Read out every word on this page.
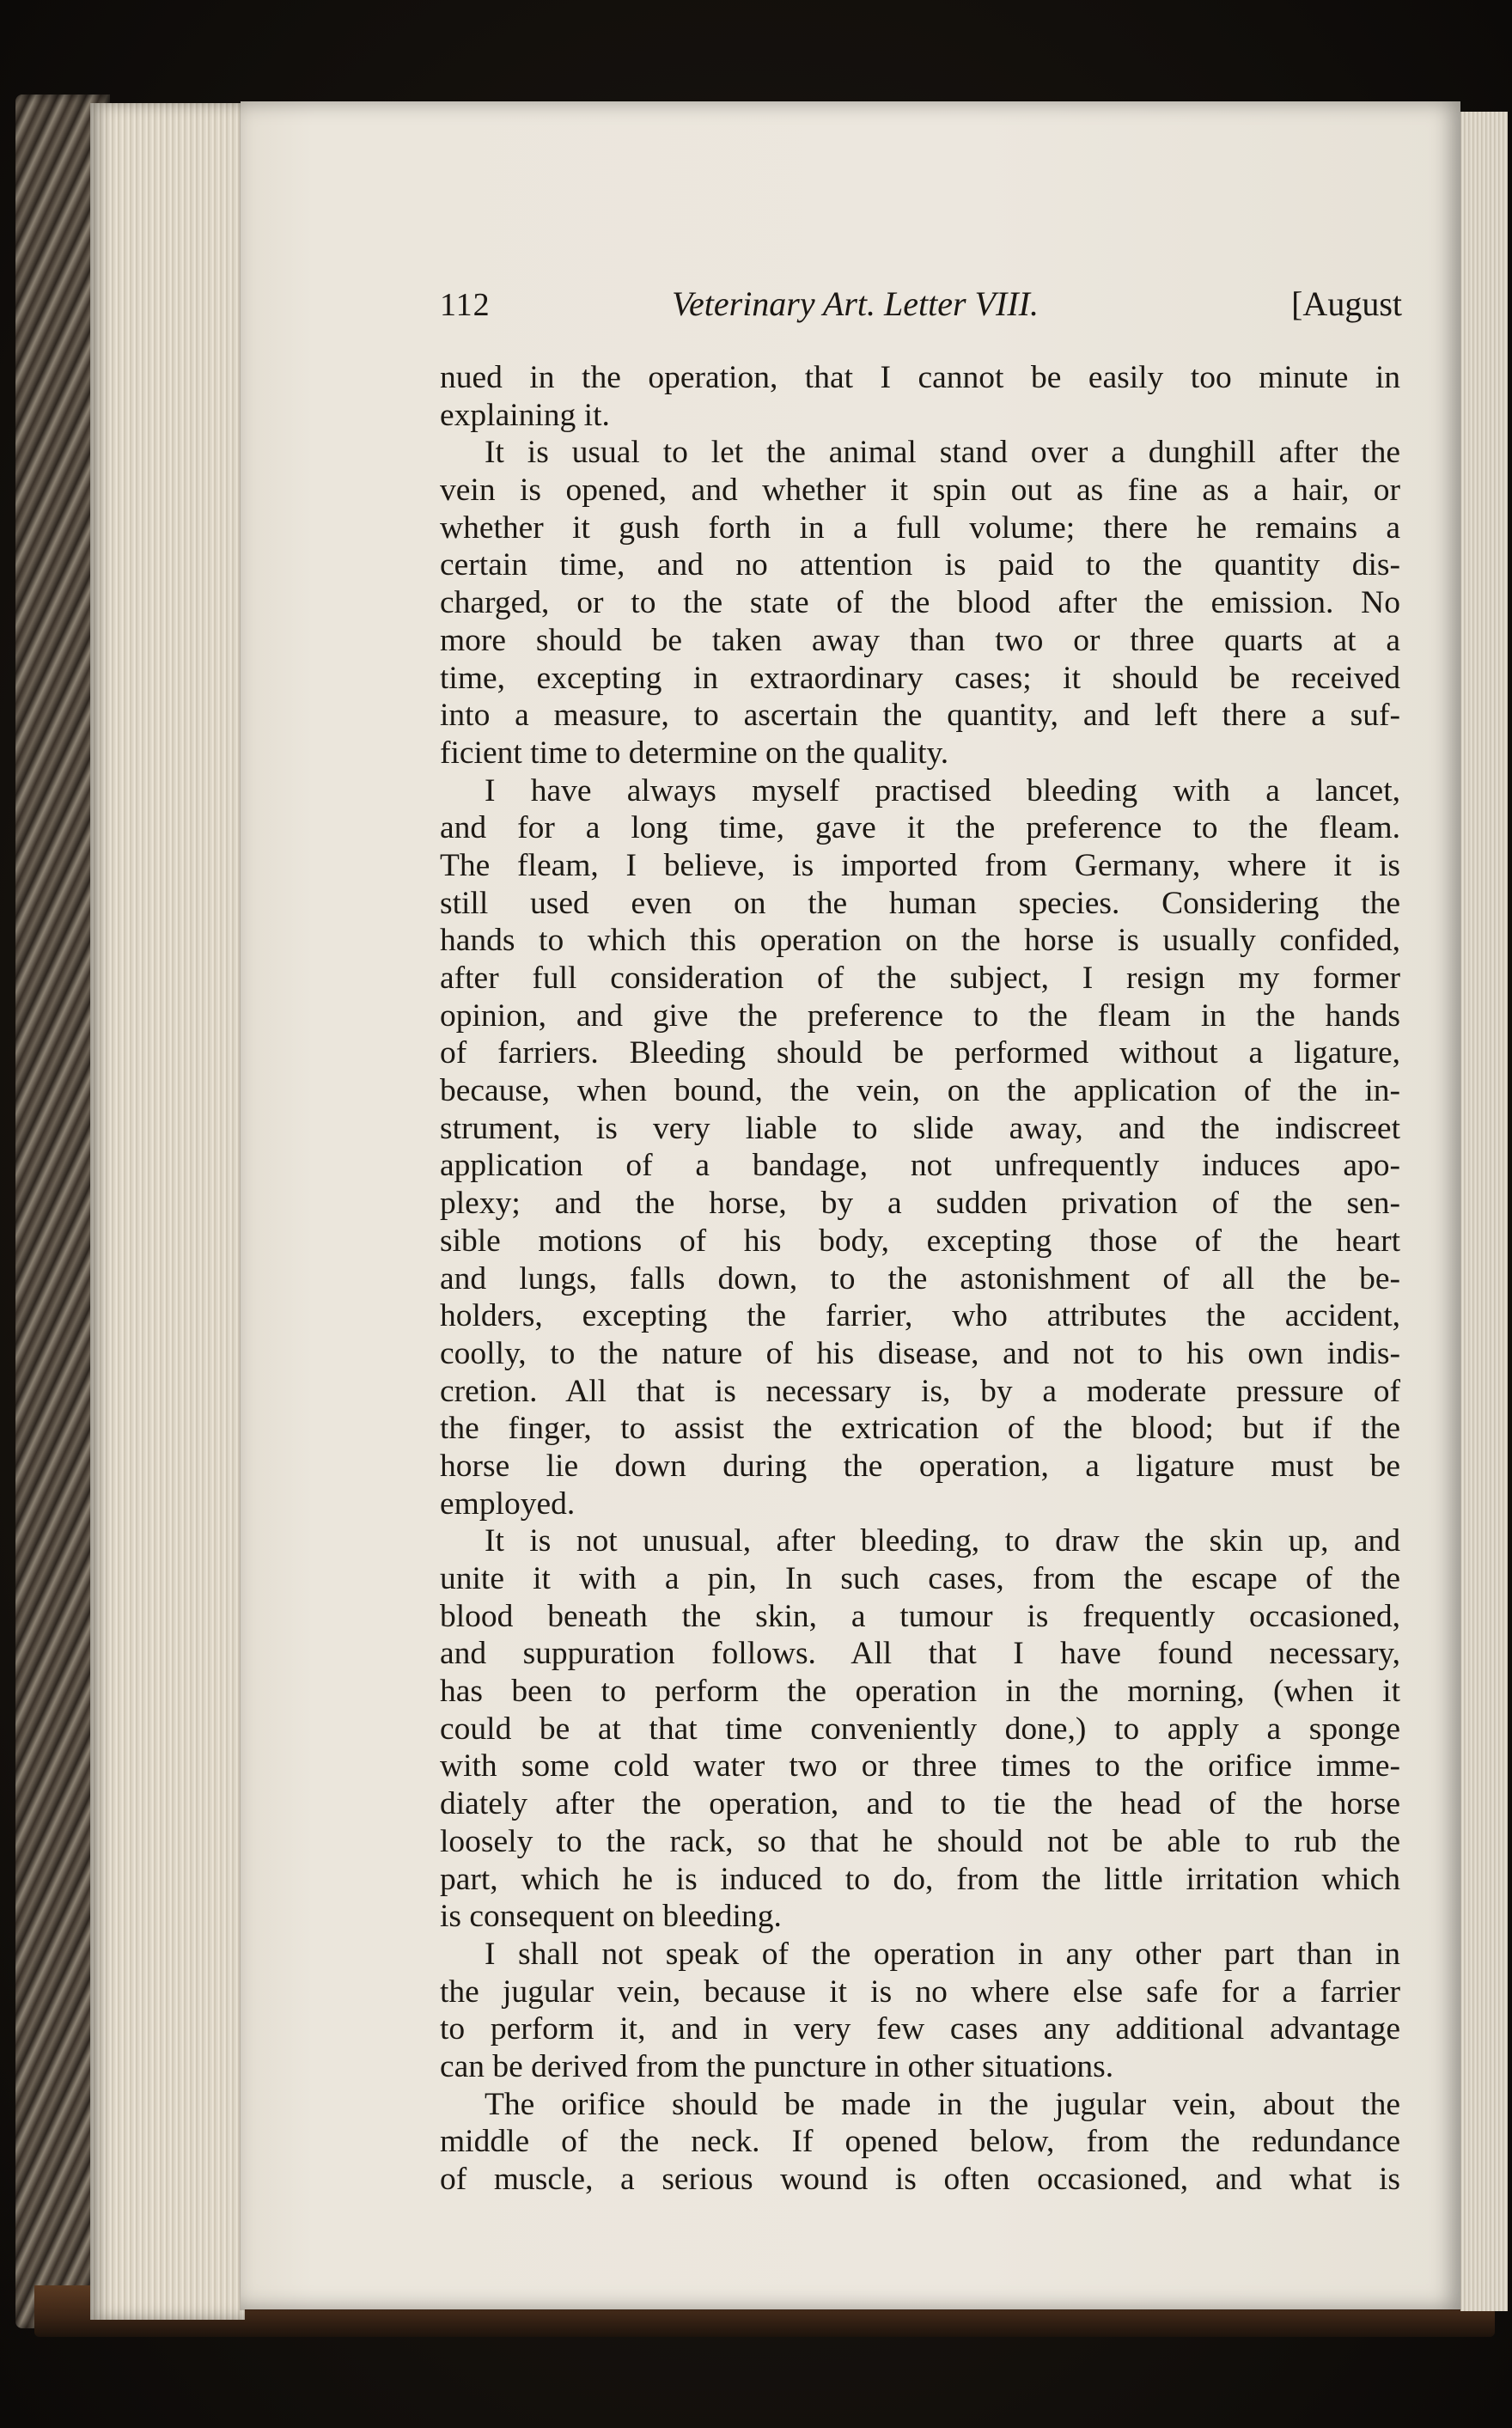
112	Veterinary Art. Letter VIII.	[August
nued in the operation, that I cannot be easily too minute in
explaining it.
It is usual to let the animal stand over a dunghill after the
vein is opened, and whether it spin out as fine as a hair, or
whether it gush forth in a full volume; there he remains a
certain time, and no attention is paid to the quantity dis-
charged, or to the state of the blood after the emission. No
more should be taken away than two or three quarts at a
time, excepting in extraordinary cases; it should be received
into a measure, to ascertain the quantity, and left there a suf-
ficient time to determine on the quality.
I have always myself practised bleeding with a lancet,
and for a long time, gave it the preference to the fleam.
The fleam, I believe, is imported from Germany, where it is
still used even on the human species. Considering the
hands to which this operation on the horse is usually confided,
after full consideration of the subject, I resign my former
opinion, and give the preference to the fleam in the hands
of farriers. Bleeding should be performed without a ligature,
because, when bound, the vein, on the application of the in-
strument, is very liable to slide away, and the indiscreet
application of a bandage, not unfrequently induces apo-
plexy; and the horse, by a sudden privation of the sen-
sible motions of his body, excepting those of the heart
and lungs, falls down, to the astonishment of all the be-
holders, excepting the farrier, who attributes the accident,
coolly, to the nature of his disease, and not to his own indis-
cretion. All that is necessary is, by a moderate pressure of
the finger, to assist the extrication of the blood; but if the
horse lie down during the operation, a ligature must be
employed.
It is not unusual, after bleeding, to draw the skin up, and
unite it with a pin, In such cases, from the escape of the
blood beneath the skin, a tumour is frequently occasioned,
and suppuration follows. All that I have found necessary,
has been to perform the operation in the morning, (when it
could be at that time conveniently done,) to apply a sponge
with some cold water two or three times to the orifice imme-
diately after the operation, and to tie the head of the horse
loosely to the rack, so that he should not be able to rub the
part, which he is induced to do, from the little irritation which
is consequent on bleeding.
I shall not speak of the operation in any other part than in
the jugular vein, because it is no where else safe for a farrier
to perform it, and in very few cases any additional advantage
can be derived from the puncture in other situations.
The orifice should be made in the jugular vein, about the
middle of the neck. If opened below, from the redundance
of muscle, a serious wound is often occasioned, and what is
